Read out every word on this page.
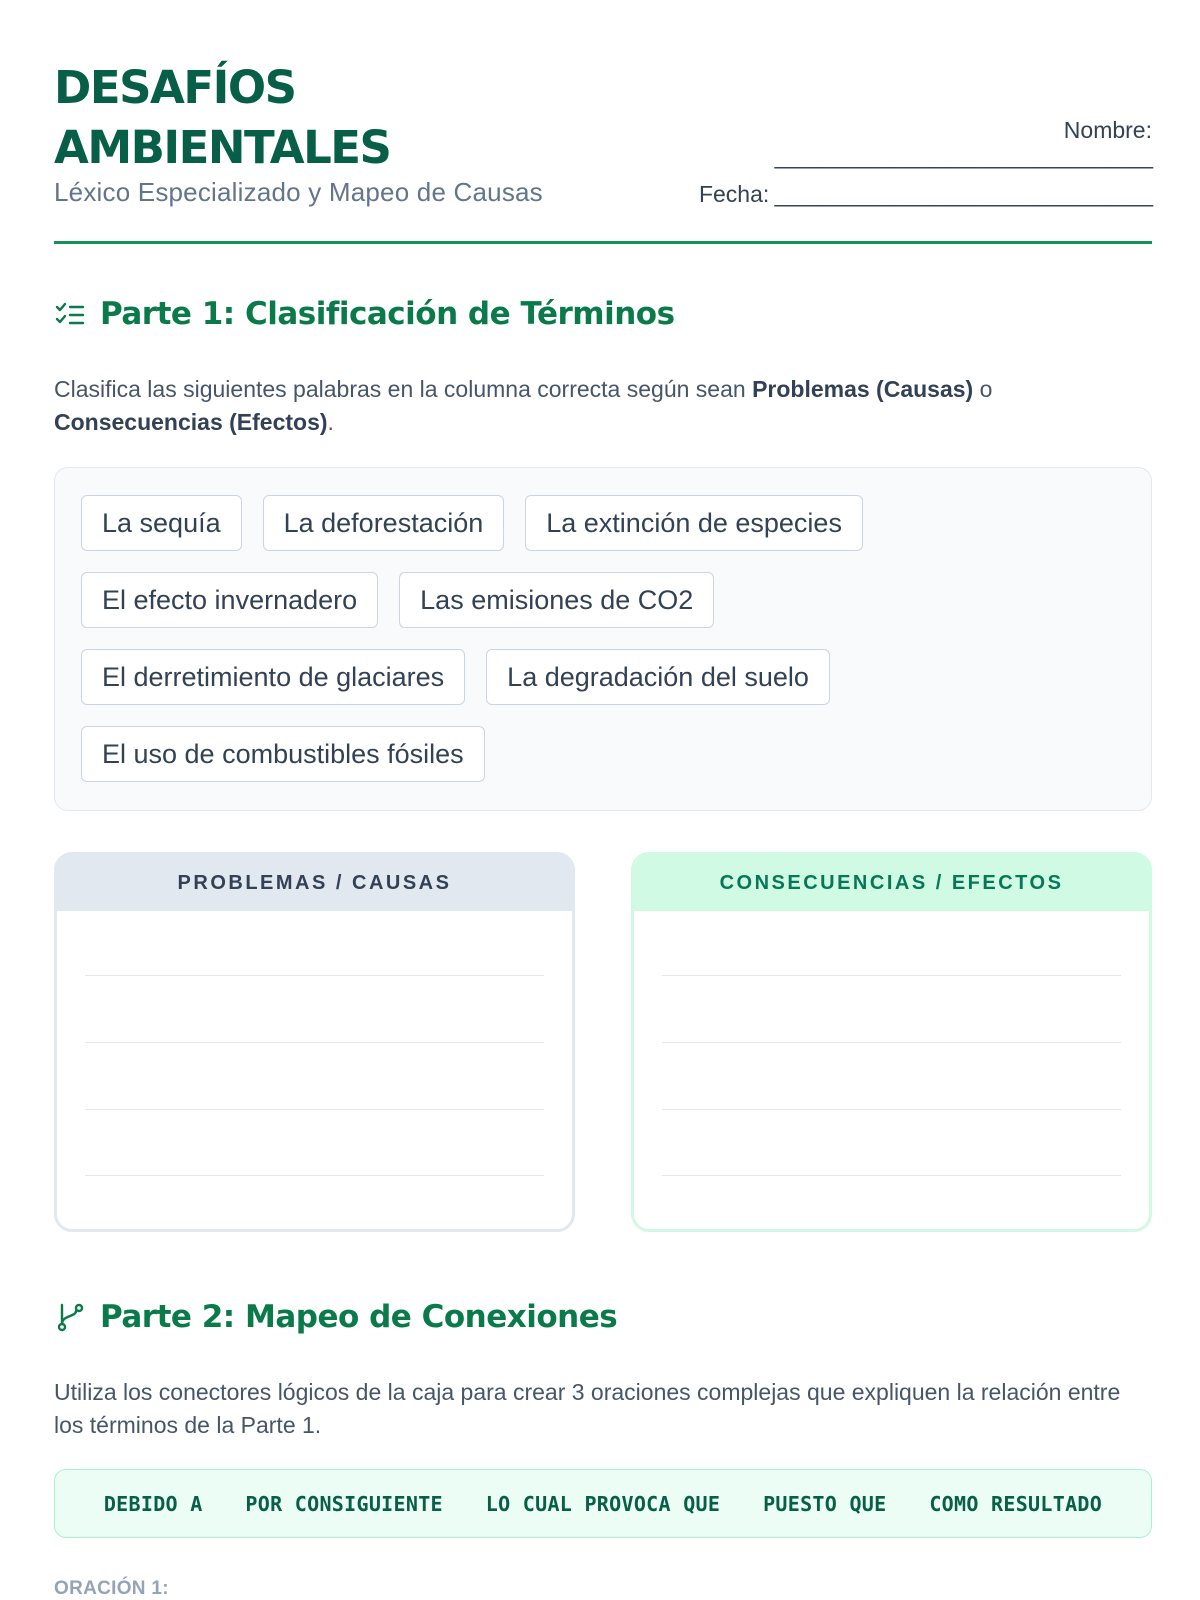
DESAFÍOS
AMBIENTALES
Léxico Especializado y Mapeo de Causas
Nombre:
________________________________
Fecha: ________________________________
Parte 1: Clasificación de Términos
Clasifica las siguientes palabras en la columna correcta según sean Problemas (Causas) o
Consecuencias (Efectos).
La sequía	La deforestación	La extinción de especies
El efecto invernadero	Las emisiones de CO2
El derretimiento de glaciares	La degradación del suelo
El uso de combustibles fósiles
PROBLEMAS / CAUSAS	CONSECUENCIAS / EFECTOS
Parte 2: Mapeo de Conexiones
Utiliza los conectores lógicos de la caja para crear 3 oraciones complejas que expliquen la relación entre los términos de la Parte 1.
DEBIDO A POR CONSIGUIENTE LO CUAL PROVOCA QUE PUESTO QUE COMO RESULTADO
ORACIÓN 1:
